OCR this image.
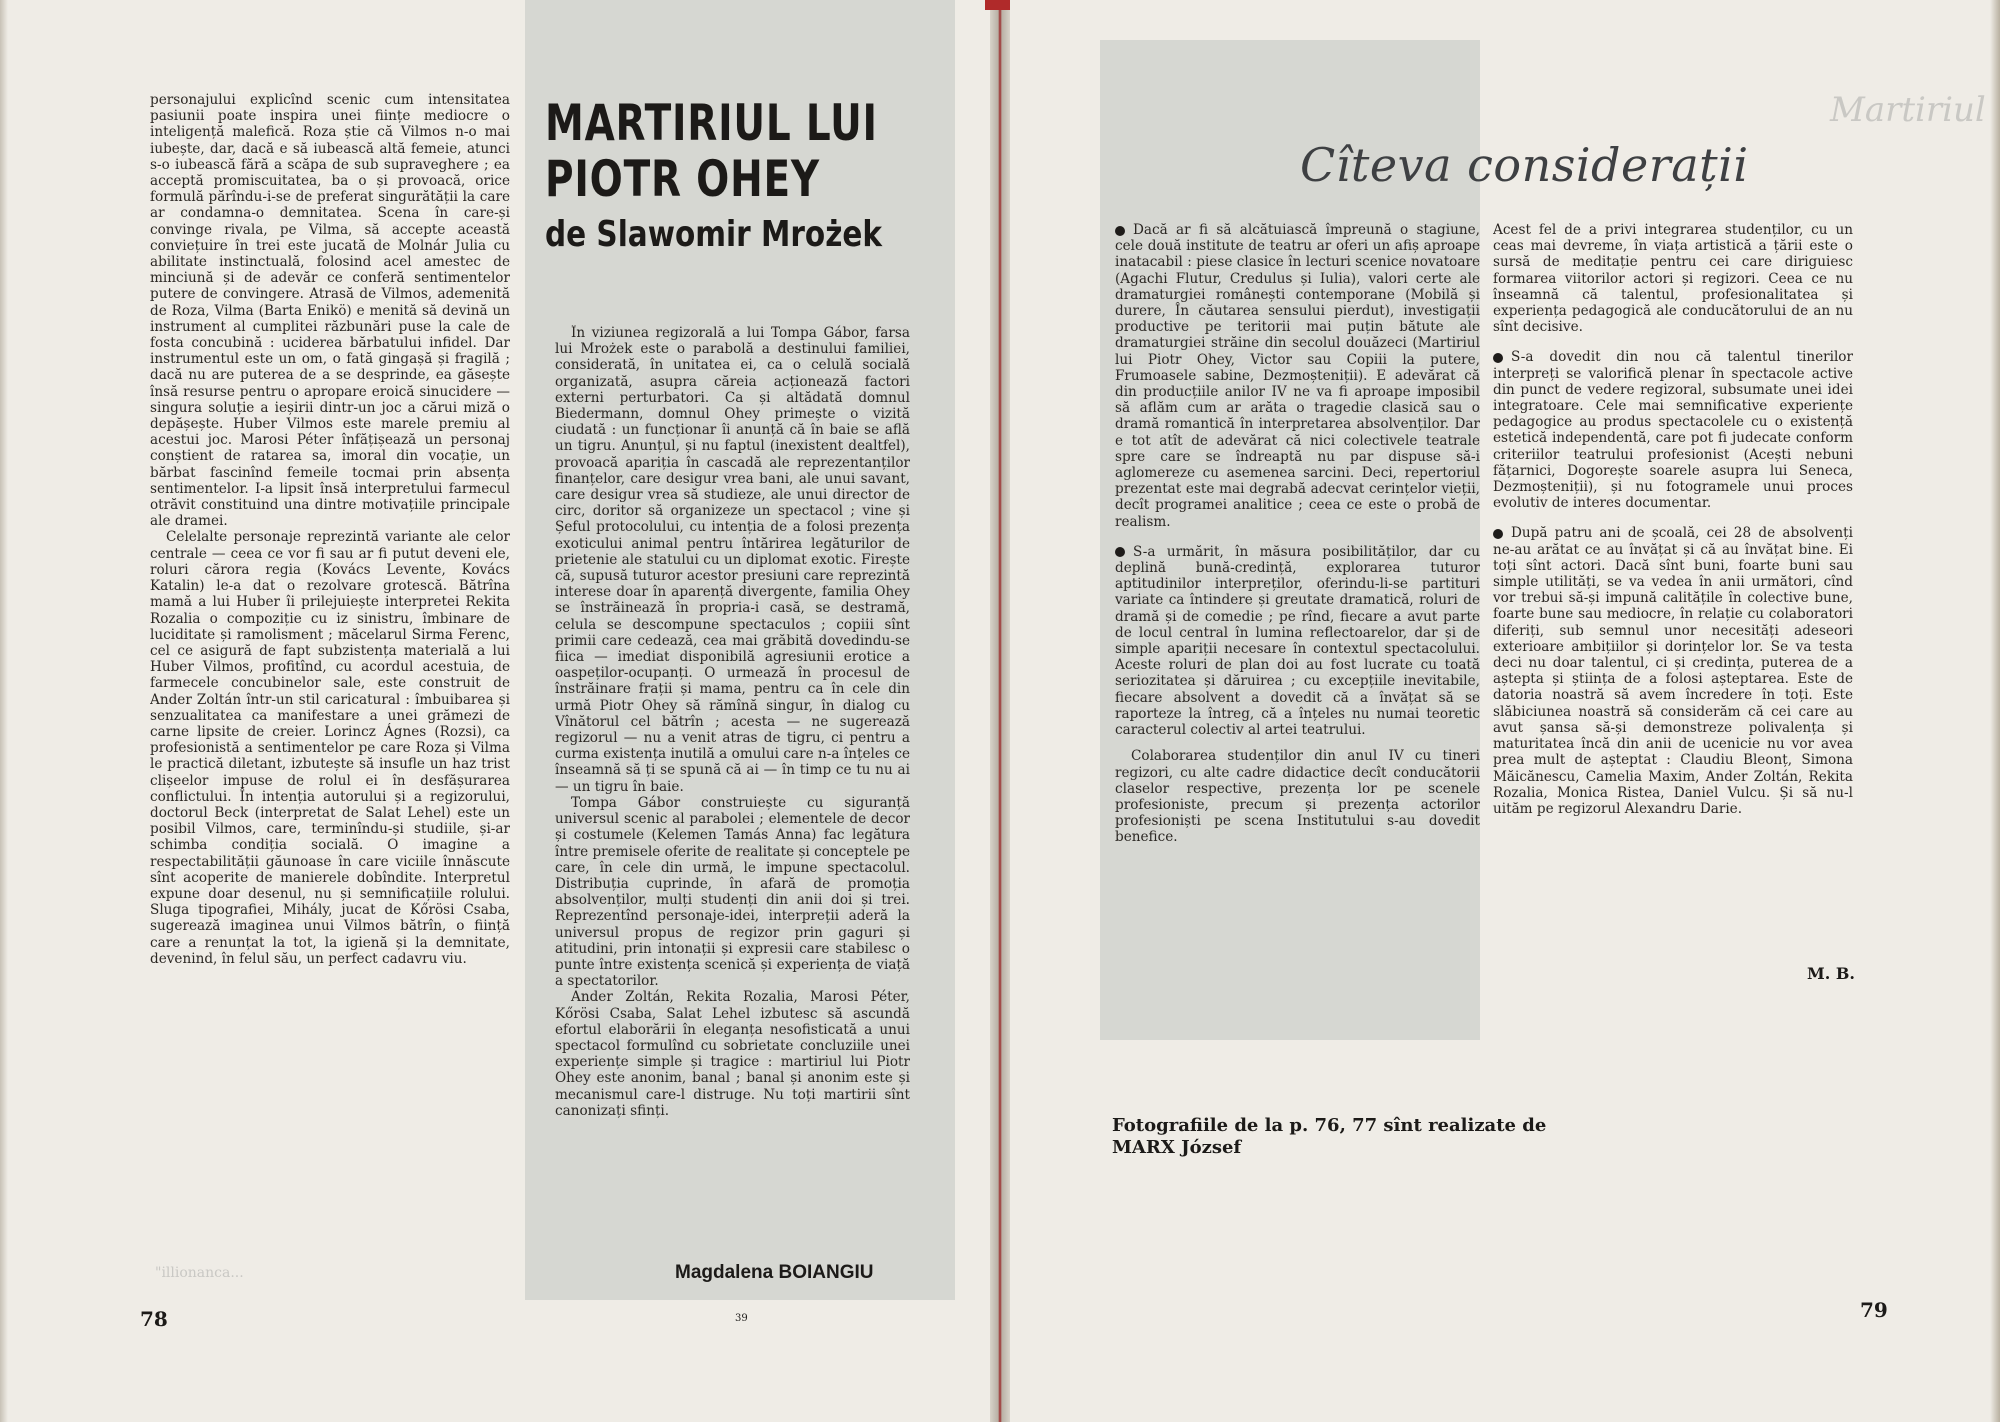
personajului explicînd scenic cum intensitatea pasiunii poate inspira unei ființe mediocre o inteligență malefică. Roza știe că Vilmos n-o mai iubește, dar, dacă e să iubească altă femeie, atunci s-o iubească fără a scăpa de sub supraveghere ; ea acceptă promiscuitatea, ba o și provoacă, orice formulă părîndu-i-se de preferat singurătății la care ar condamna-o demnitatea. Scena în care-și convinge rivala, pe Vilma, să accepte această conviețuire în trei este jucată de Molnár Julia cu abilitate instinctuală, folosind acel amestec de minciună și de adevăr ce conferă sentimentelor putere de convingere. Atrasă de Vilmos, ademenită de Roza, Vilma (Barta Enikö) e menită să devină un instrument al cumplitei răzbunări puse la cale de fosta concubină : uciderea bărbatului infidel. Dar instrumentul este un om, o fată gingașă și fragilă ; dacă nu are puterea de a se desprinde, ea găsește însă resurse pentru o apropare eroică sinucidere — singura soluție a ieșirii dintr-un joc a cărui miză o depășește. Huber Vilmos este marele premiu al acestui joc. Marosi Péter înfățișează un personaj conștient de ratarea sa, imoral din vocație, un bărbat fascinînd femeile tocmai prin absența sentimentelor. I-a lipsit însă interpretului farmecul otrăvit constituind una dintre motivațiile principale ale dramei.

Celelalte personaje reprezintă variante ale celor centrale — ceea ce vor fi sau ar fi putut deveni ele, roluri cărora regia (Kovács Levente, Kovács Katalin) le-a dat o rezolvare grotescă. Bătrîna mamă a lui Huber îi prilejuiește interpretei Rekita Rozalia o compoziție cu iz sinistru, îmbinare de luciditate și ramolisment ; măcelarul Sirma Ferenc, cel ce asigură de fapt subzistența materială a lui Huber Vilmos, profitînd, cu acordul acestuia, de farmecele concubinelor sale, este construit de Ander Zoltán într-un stil caricatural : îmbuibarea și senzualitatea ca manifestare a unei grămezi de carne lipsite de creier. Lorincz Ágnes (Rozsi), ca profesionistă a sentimentelor pe care Roza și Vilma le practică diletant, izbutește să insufle un haz trist clișeelor impuse de rolul ei în desfășurarea conflictului. În intenția autorului și a regizorului, doctorul Beck (interpretat de Salat Lehel) este un posibil Vilmos, care, terminîndu-și studiile, și-ar schimba condiția socială. O imagine a respectabilității găunoase în care viciile înnăscute sînt acoperite de manierele dobîndite. Interpretul expune doar desenul, nu și semnificațiile rolului. Sluga tipografiei, Mihály, jucat de Kőrösi Csaba, sugerează imaginea unui Vilmos bătrîn, o ființă care a renunțat la tot, la igienă și la demnitate, devenind, în felul său, un perfect cadavru viu.

MARTIRIUL LUI
PIOTR OHEY
de Slawomir Mrożek

În viziunea regizorală a lui Tompa Gábor, farsa lui Mrożek este o parabolă a destinului familiei, considerată, în unitatea ei, ca o celulă socială organizată, asupra căreia acționează factori externi perturbatori. Ca și altădată domnul Biedermann, domnul Ohey primește o vizită ciudată : un funcționar îi anunță că în baie se află un tigru. Anunțul, și nu faptul (inexistent dealtfel), provoacă apariția în cascadă ale reprezentanților finanțelor, care desigur vrea bani, ale unui savant, care desigur vrea să studieze, ale unui director de circ, doritor să organizeze un spectacol ; vine și Șeful protocolului, cu intenția de a folosi prezența exoticului animal pentru întărirea legăturilor de prietenie ale statului cu un diplomat exotic. Firește că, supusă tuturor acestor presiuni care reprezintă interese doar în aparență divergente, familia Ohey se înstrăinează în propria-i casă, se destramă, celula se descompune spectaculos ; copiii sînt primii care cedează, cea mai grăbită dovedindu-se fiica — imediat disponibilă agresiunii erotice a oaspeților-ocupanți. O urmează în procesul de înstrăinare frații și mama, pentru ca în cele din urmă Piotr Ohey să rămînă singur, în dialog cu Vînătorul cel bătrîn ; acesta — ne sugerează regizorul — nu a venit atras de tigru, ci pentru a curma existența inutilă a omului care n-a înțeles ce înseamnă să ți se spună că ai — în timp ce tu nu ai — un tigru în baie.

Tompa Gábor construiește cu siguranță universul scenic al parabolei ; elementele de decor și costumele (Kelemen Tamás Anna) fac legătura între premisele oferite de realitate și conceptele pe care, în cele din urmă, le impune spectacolul. Distribuția cuprinde, în afară de promoția absolvenților, mulți studenți din anii doi și trei. Reprezentînd personaje-idei, interpreții aderă la universul propus de regizor prin gaguri și atitudini, prin intonații și expresii care stabilesc o punte între existența scenică și experiența de viață a spectatorilor.

Ander Zoltán, Rekita Rozalia, Marosi Péter, Kőrösi Csaba, Salat Lehel izbutesc să ascundă efortul elaborării în eleganța nesofisticată a unui spectacol formulînd cu sobrietate concluziile unei experiențe simple și tragice : martiriul lui Piotr Ohey este anonim, banal ; banal și anonim este și mecanismul care-l distruge. Nu toți martirii sînt canonizați sfinți.

Magdalena BOIANGIU
"illionanca...
78	39
Martiriul
Cîteva considerații

Dacă ar fi să alcătuiască împreună o stagiune, cele două institute de teatru ar oferi un afiș aproape inatacabil : piese clasice în lecturi scenice novatoare (Agachi Flutur, Credulus și Iulia), valori certe ale dramaturgiei românești contemporane (Mobilă și durere, În căutarea sensului pierdut), investigații productive pe teritorii mai puțin bătute ale dramaturgiei străine din secolul douăzeci (Martiriul lui Piotr Ohey, Victor sau Copiii la putere, Frumoasele sabine, Dezmoșteniții). E adevărat că din producțiile anilor IV ne va fi aproape imposibil să aflăm cum ar arăta o tragedie clasică sau o dramă romantică în interpretarea absolvenților. Dar e tot atît de adevărat că nici colectivele teatrale spre care se îndreaptă nu par dispuse să-i aglomereze cu asemenea sarcini. Deci, repertoriul prezentat este mai degrabă adecvat cerințelor vieții, decît programei analitice ; ceea ce este o probă de realism.

S-a urmărit, în măsura posibilităților, dar cu deplină bună-credință, explorarea tuturor aptitudinilor interpreților, oferindu-li-se partituri variate ca întindere și greutate dramatică, roluri de dramă și de comedie ; pe rînd, fiecare a avut parte de locul central în lumina reflectoarelor, dar și de simple apariții necesare în contextul spectacolului. Aceste roluri de plan doi au fost lucrate cu toată seriozitatea și dăruirea ; cu excepțiile inevitabile, fiecare absolvent a dovedit că a învățat să se raporteze la întreg, că a înțeles nu numai teoretic caracterul colectiv al artei teatrului.

Colaborarea studenților din anul IV cu tineri regizori, cu alte cadre didactice decît conducătorii claselor respective, prezența lor pe scenele profesioniste, precum și prezența actorilor profesioniști pe scena Institutului s-au dovedit benefice.

Acest fel de a privi integrarea studenților, cu un ceas mai devreme, în viața artistică a țării este o sursă de meditație pentru cei care diriguiesc formarea viitorilor actori și regizori. Ceea ce nu înseamnă că talentul, profesionalitatea și experiența pedagogică ale conducătorului de an nu sînt decisive.

S-a dovedit din nou că talentul tinerilor interpreți se valorifică plenar în spectacole active din punct de vedere regizoral, subsumate unei idei integratoare. Cele mai semnificative experiențe pedagogice au produs spectacolele cu o existență estetică independentă, care pot fi judecate conform criteriilor teatrului profesionist (Acești nebuni fățarnici, Dogorește soarele asupra lui Seneca, Dezmoșteniții), și nu fotogramele unui proces evolutiv de interes documentar.

După patru ani de școală, cei 28 de absolvenți ne-au arătat ce au învățat și că au învățat bine. Ei toți sînt actori. Dacă sînt buni, foarte buni sau simple utilități, se va vedea în anii următori, cînd vor trebui să-și impună calitățile în colective bune, foarte bune sau mediocre, în relație cu colaboratori diferiți, sub semnul unor necesități adeseori exterioare ambițiilor și dorințelor lor. Se va testa deci nu doar talentul, ci și credința, puterea de a aștepta și știința de a folosi așteptarea. Este de datoria noastră să avem încredere în toți. Este slăbiciunea noastră să considerăm că cei care au avut șansa să-și demonstreze polivalența și maturitatea încă din anii de ucenicie nu vor avea prea mult de așteptat : Claudiu Bleonț, Simona Măicănescu, Camelia Maxim, Ander Zoltán, Rekita Rozalia, Monica Ristea, Daniel Vulcu. Și să nu-l uităm pe regizorul Alexandru Darie.

M. B.
Fotografiile de la p. 76, 77 sînt realizate de
MARX József
79
